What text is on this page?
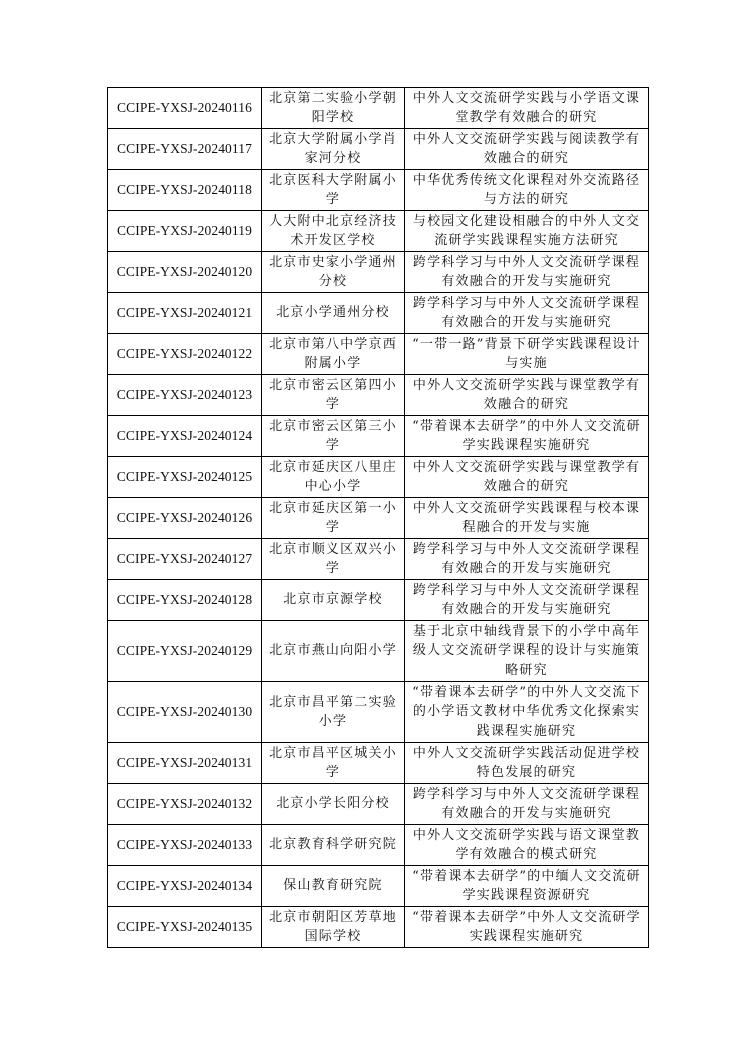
CCIPE-YXSJ-20240116	北京第二实验小学朝阳学校	中外人文交流研学实践与小学语文课堂教学有效融合的研究
CCIPE-YXSJ-20240117	北京大学附属小学肖家河分校	中外人文交流研学实践与阅读教学有效融合的研究
CCIPE-YXSJ-20240118	北京医科大学附属小学	中华优秀传统文化课程对外交流路径与方法的研究
CCIPE-YXSJ-20240119	人大附中北京经济技术开发区学校	与校园文化建设相融合的中外人文交流研学实践课程实施方法研究
CCIPE-YXSJ-20240120	北京市史家小学通州分校	跨学科学习与中外人文交流研学课程有效融合的开发与实施研究
CCIPE-YXSJ-20240121	北京小学通州分校	跨学科学习与中外人文交流研学课程有效融合的开发与实施研究
CCIPE-YXSJ-20240122	北京市第八中学京西附属小学	“一带一路”背景下研学实践课程设计与实施
CCIPE-YXSJ-20240123	北京市密云区第四小学	中外人文交流研学实践与课堂教学有效融合的研究
CCIPE-YXSJ-20240124	北京市密云区第三小学	“带着课本去研学”的中外人文交流研学实践课程实施研究
CCIPE-YXSJ-20240125	北京市延庆区八里庄中心小学	中外人文交流研学实践与课堂教学有效融合的研究
CCIPE-YXSJ-20240126	北京市延庆区第一小学	中外人文交流研学实践课程与校本课程融合的开发与实施
CCIPE-YXSJ-20240127	北京市顺义区双兴小学	跨学科学习与中外人文交流研学课程有效融合的开发与实施研究
CCIPE-YXSJ-20240128	北京市京源学校	跨学科学习与中外人文交流研学课程有效融合的开发与实施研究
CCIPE-YXSJ-20240129	北京市燕山向阳小学	基于北京中轴线背景下的小学中高年级人文交流研学课程的设计与实施策略研究
CCIPE-YXSJ-20240130	北京市昌平第二实验小学	“带着课本去研学”的中外人文交流下的小学语文教材中华优秀文化探索实践课程实施研究
CCIPE-YXSJ-20240131	北京市昌平区城关小学	中外人文交流研学实践活动促进学校特色发展的研究
CCIPE-YXSJ-20240132	北京小学长阳分校	跨学科学习与中外人文交流研学课程有效融合的开发与实施研究
CCIPE-YXSJ-20240133	北京教育科学研究院	中外人文交流研学实践与语文课堂教学有效融合的模式研究
CCIPE-YXSJ-20240134	保山教育研究院	“带着课本去研学”的中缅人文交流研学实践课程资源研究
CCIPE-YXSJ-20240135	北京市朝阳区芳草地国际学校	“带着课本去研学”中外人文交流研学实践课程实施研究
